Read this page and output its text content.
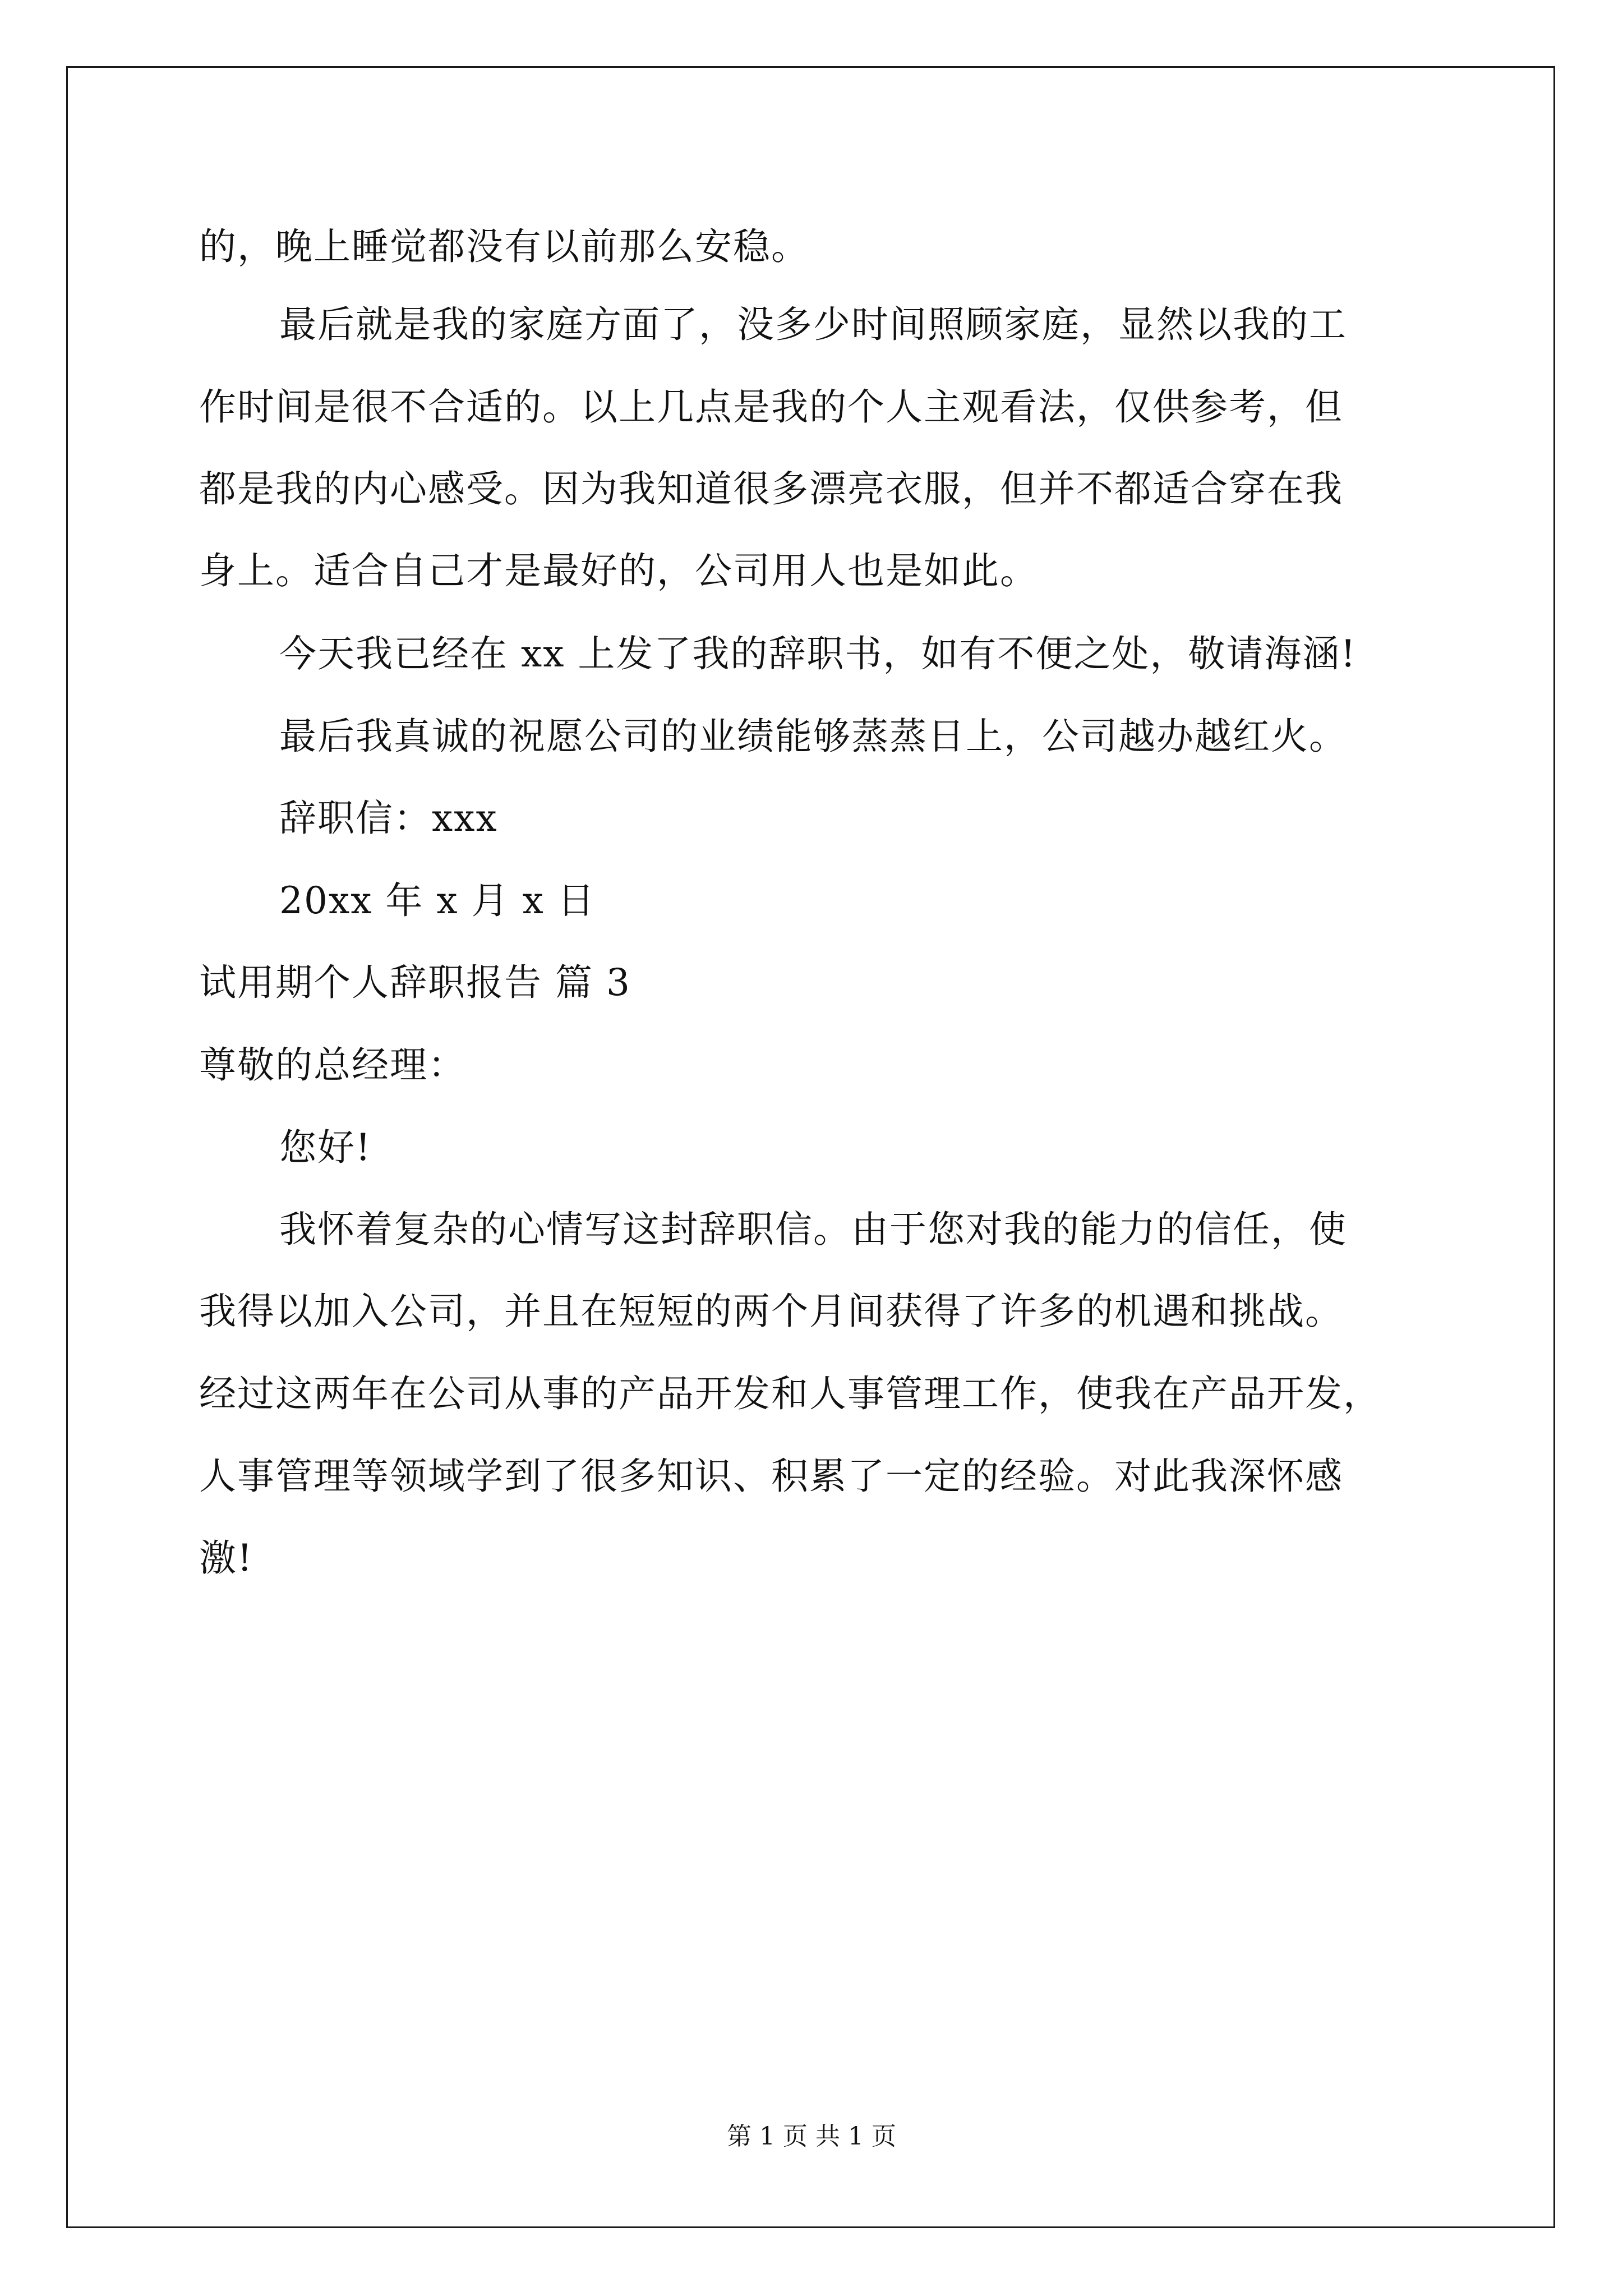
的，晚上睡觉都没有以前那么安稳。
最后就是我的家庭方面了，没多少时间照顾家庭，显然以我的工
作时间是很不合适的。以上几点是我的个人主观看法，仅供参考，但
都是我的内心感受。因为我知道很多漂亮衣服，但并不都适合穿在我
身上。适合自己才是最好的，公司用人也是如此。
今天我已经在 xx 上发了我的辞职书，如有不便之处，敬请海涵!
最后我真诚的祝愿公司的业绩能够蒸蒸日上，公司越办越红火。
辞职信：xxx
20xx 年 x 月 x 日
试用期个人辞职报告 篇 3
尊敬的总经理：
您好!
我怀着复杂的心情写这封辞职信。由于您对我的能力的信任，使
我得以加入公司，并且在短短的两个月间获得了许多的机遇和挑战。
经过这两年在公司从事的产品开发和人事管理工作，使我在产品开发，
人事管理等领域学到了很多知识、积累了一定的经验。对此我深怀感
激!
第 1 页 共 1 页
